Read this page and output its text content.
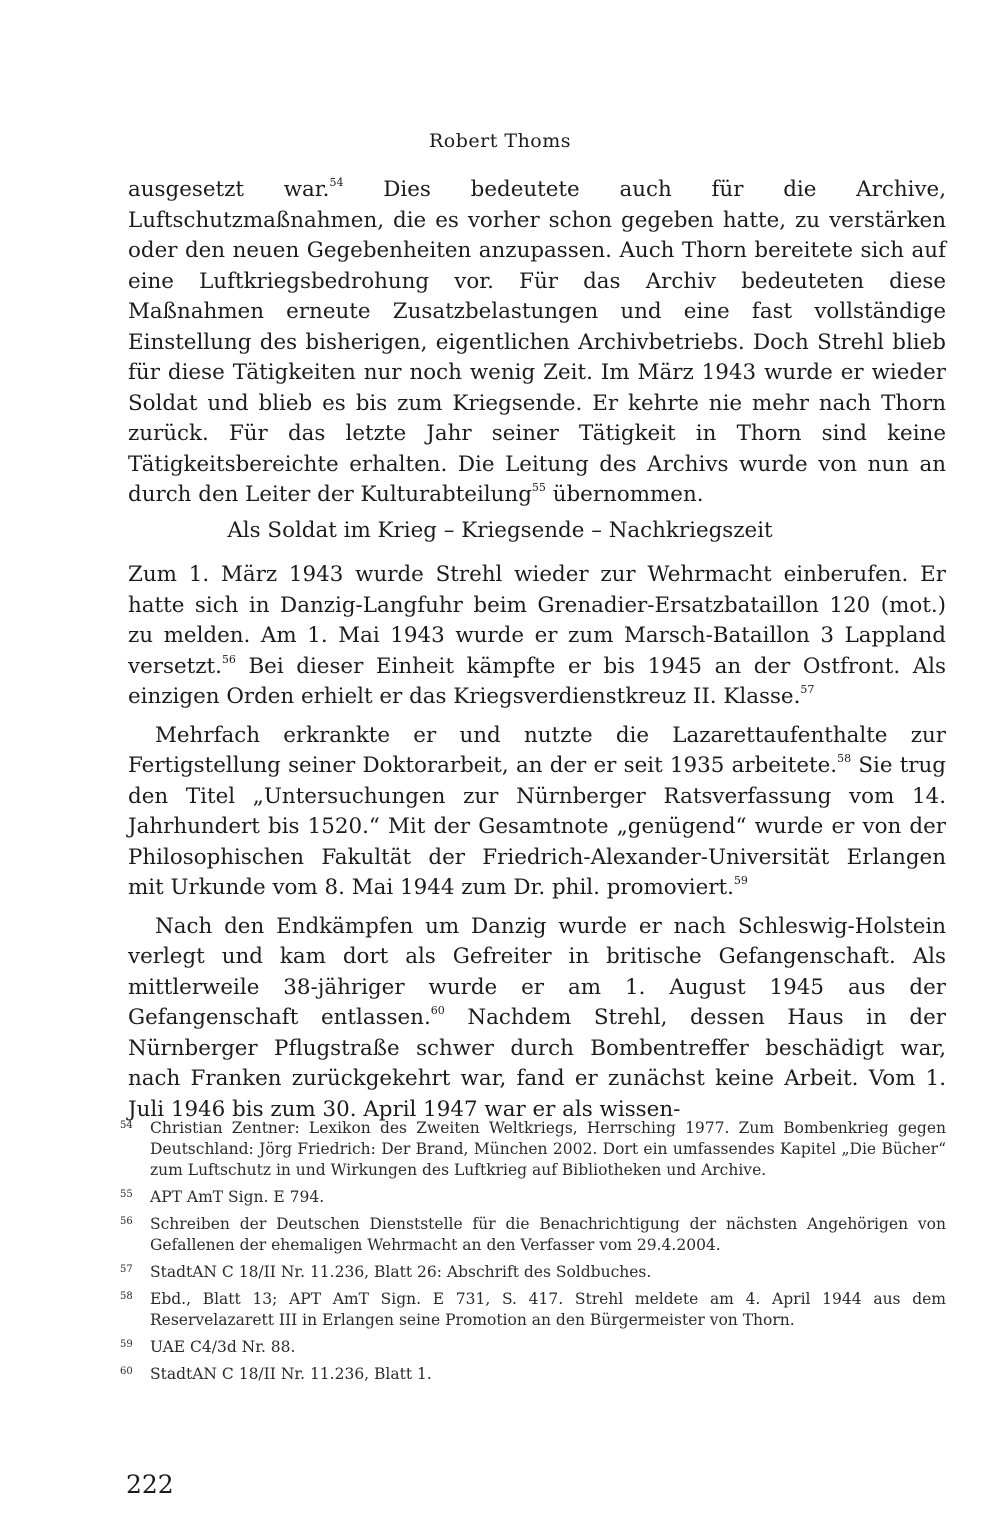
Robert Thoms

ausgesetzt war.$^{54}$ Dies bedeutete auch für die Archive, Luftschutzmaßnahmen, die es vorher schon gegeben hatte, zu verstärken oder den neuen Gegebenheiten anzupassen. Auch Thorn bereitete sich auf eine Luftkriegsbedrohung vor. Für das Archiv bedeuteten diese Maßnahmen erneute Zusatzbelastungen und eine fast vollständige Einstellung des bisherigen, eigentlichen Archivbetriebs. Doch Strehl blieb für diese Tätigkeiten nur noch wenig Zeit. Im März 1943 wurde er wieder Soldat und blieb es bis zum Kriegsende. Er kehrte nie mehr nach Thorn zurück. Für das letzte Jahr seiner Tätigkeit in Thorn sind keine Tätigkeitsbereichte erhalten. Die Leitung des Archivs wurde von nun an durch den Leiter der Kulturabteilung$^{55}$ übernommen.

Als Soldat im Krieg – Kriegsende – Nachkriegszeit

Zum 1. März 1943 wurde Strehl wieder zur Wehrmacht einberufen. Er hatte sich in Danzig-Langfuhr beim Grenadier-Ersatzbataillon 120 (mot.) zu melden. Am 1. Mai 1943 wurde er zum Marsch-Bataillon 3 Lappland versetzt.$^{56}$ Bei dieser Einheit kämpfte er bis 1945 an der Ostfront. Als einzigen Orden erhielt er das Kriegsverdienstkreuz II. Klasse.$^{57}$

Mehrfach erkrankte er und nutzte die Lazarettaufenthalte zur Fertigstellung seiner Doktorarbeit, an der er seit 1935 arbeitete.$^{58}$ Sie trug den Titel „Untersuchungen zur Nürnberger Ratsverfassung vom 14. Jahrhundert bis 1520.“ Mit der Gesamtnote „genügend“ wurde er von der Philosophischen Fakultät der Friedrich-Alexander-Universität Erlangen mit Urkunde vom 8. Mai 1944 zum Dr. phil. promoviert.$^{59}$

Nach den Endkämpfen um Danzig wurde er nach Schleswig-Holstein verlegt und kam dort als Gefreiter in britische Gefangenschaft. Als mittlerweile 38-jähriger wurde er am 1. August 1945 aus der Gefangenschaft entlassen.$^{60}$ Nachdem Strehl, dessen Haus in der Nürnberger Pflugstraße schwer durch Bombentreffer beschädigt war, nach Franken zurückgekehrt war, fand er zunächst keine Arbeit. Vom 1. Juli 1946 bis zum 30. April 1947 war er als wissen-

54 Christian Zentner: Lexikon des Zweiten Weltkriegs, Herrsching 1977. Zum Bombenkrieg gegen Deutschland: Jörg Friedrich: Der Brand, München 2002. Dort ein umfassendes Kapitel „Die Bücher“ zum Luftschutz in und Wirkungen des Luftkrieg auf Bibliotheken und Archive.
55 APT AmT Sign. E 794.
56 Schreiben der Deutschen Dienststelle für die Benachrichtigung der nächsten Angehörigen von Gefallenen der ehemaligen Wehrmacht an den Verfasser vom 29.4.2004.
57 StadtAN C 18/II Nr. 11.236, Blatt 26: Abschrift des Soldbuches.
58 Ebd., Blatt 13; APT AmT Sign. E 731, S. 417. Strehl meldete am 4. April 1944 aus dem Reservelazarett III in Erlangen seine Promotion an den Bürgermeister von Thorn.
59 UAE C4/3d Nr. 88.
60 StadtAN C 18/II Nr. 11.236, Blatt 1.
222
